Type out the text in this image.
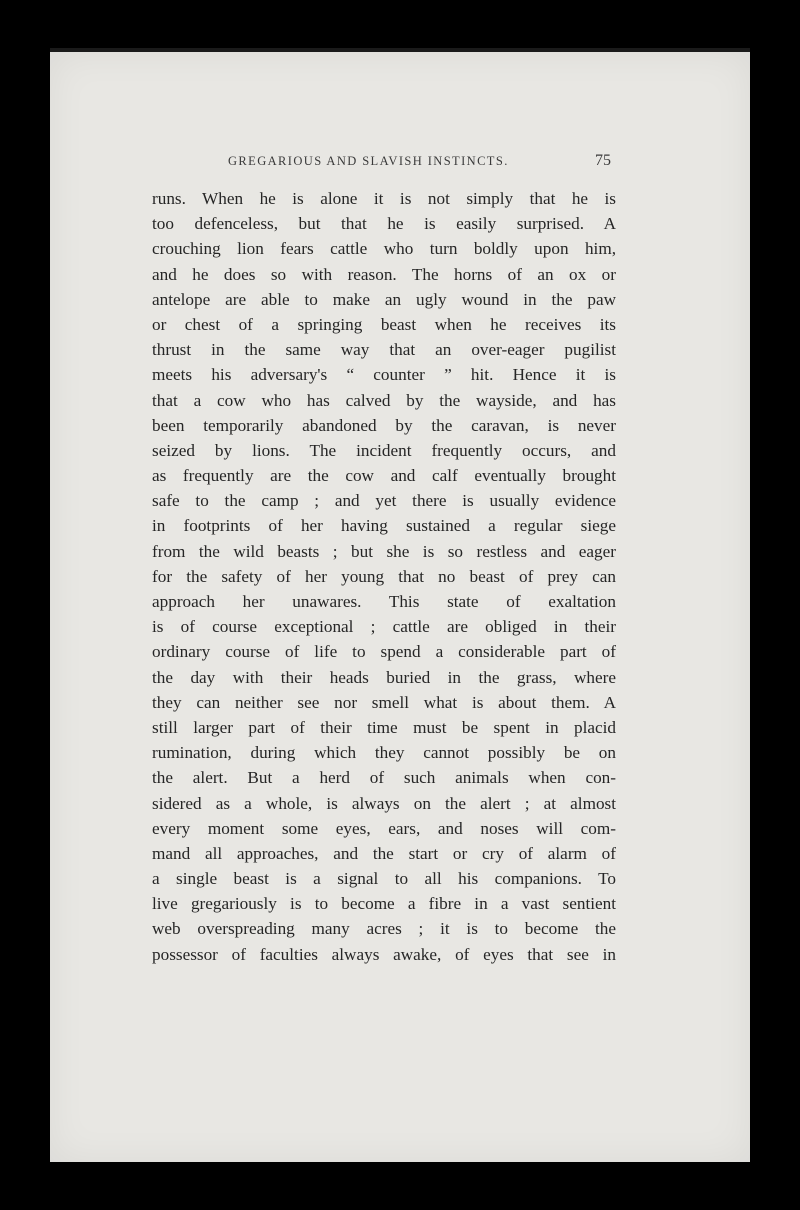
GREGARIOUS AND SLAVISH INSTINCTS.	75
runs. When he is alone it is not simply that he is
too defenceless, but that he is easily surprised. A
crouching lion fears cattle who turn boldly upon him,
and he does so with reason. The horns of an ox or
antelope are able to make an ugly wound in the paw
or chest of a springing beast when he receives its
thrust in the same way that an over-eager pugilist
meets his adversary's “ counter ” hit. Hence it is
that a cow who has calved by the wayside, and has
been temporarily abandoned by the caravan, is never
seized by lions. The incident frequently occurs, and
as frequently are the cow and calf eventually brought
safe to the camp ; and yet there is usually evidence
in footprints of her having sustained a regular siege
from the wild beasts ; but she is so restless and eager
for the safety of her young that no beast of prey can
approach her unawares. This state of exaltation
is of course exceptional ; cattle are obliged in their
ordinary course of life to spend a considerable part of
the day with their heads buried in the grass, where
they can neither see nor smell what is about them. A
still larger part of their time must be spent in placid
rumination, during which they cannot possibly be on
the alert. But a herd of such animals when con-
sidered as a whole, is always on the alert ; at almost
every moment some eyes, ears, and noses will com-
mand all approaches, and the start or cry of alarm of
a single beast is a signal to all his companions. To
live gregariously is to become a fibre in a vast sentient
web overspreading many acres ; it is to become the
possessor of faculties always awake, of eyes that see in
